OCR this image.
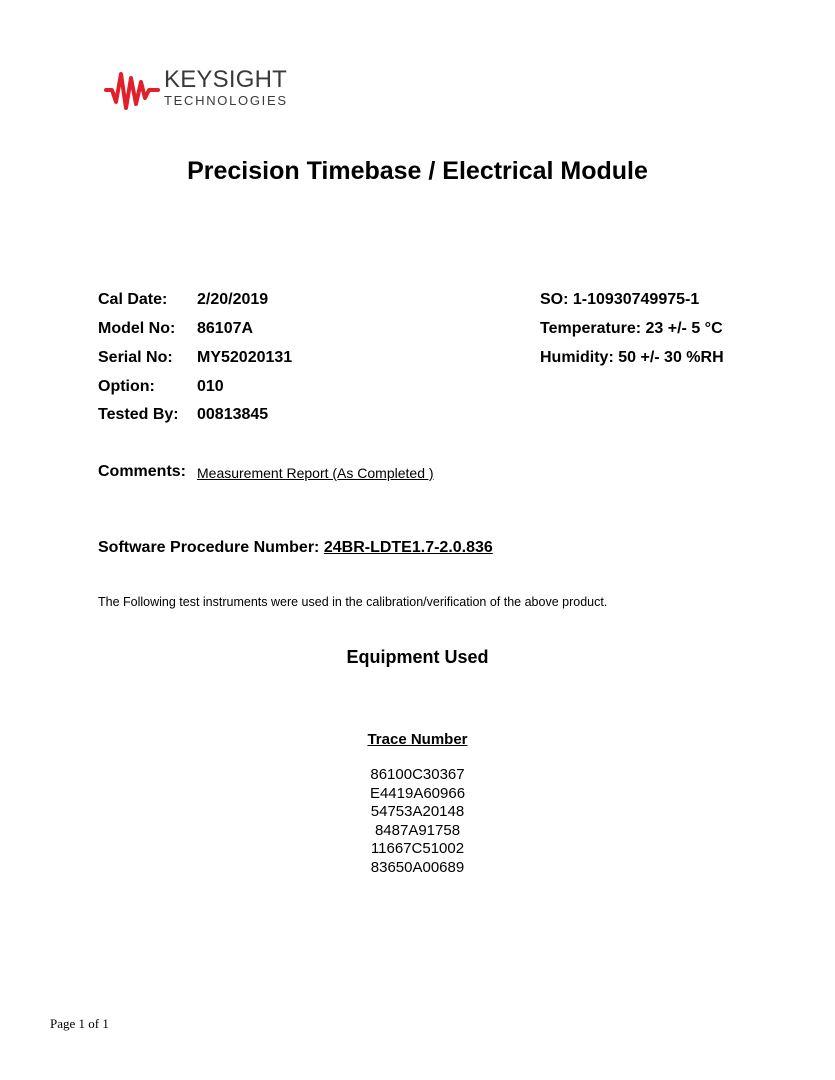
KEYSIGHT
TECHNOLOGIES
Precision Timebase / Electrical Module
Cal Date: 2/20/2019
Model No: 86107A
Serial No: MY52020131
Option:	010
Tested By: 00813845
SO: 1-10930749975-1
Temperature: 23 +/- 5 °C
Humidity: 50 +/- 30 %RH
Comments: Measurement Report (As Completed )
Software Procedure Number: 24BR-LDTE1.7-2.0.836
The Following test instruments were used in the calibration/verification of the above product.
Equipment Used
Trace Number
86100C30367
E4419A60966
54753A20148
8487A91758
11667C51002
83650A00689
Page 1 of 1
